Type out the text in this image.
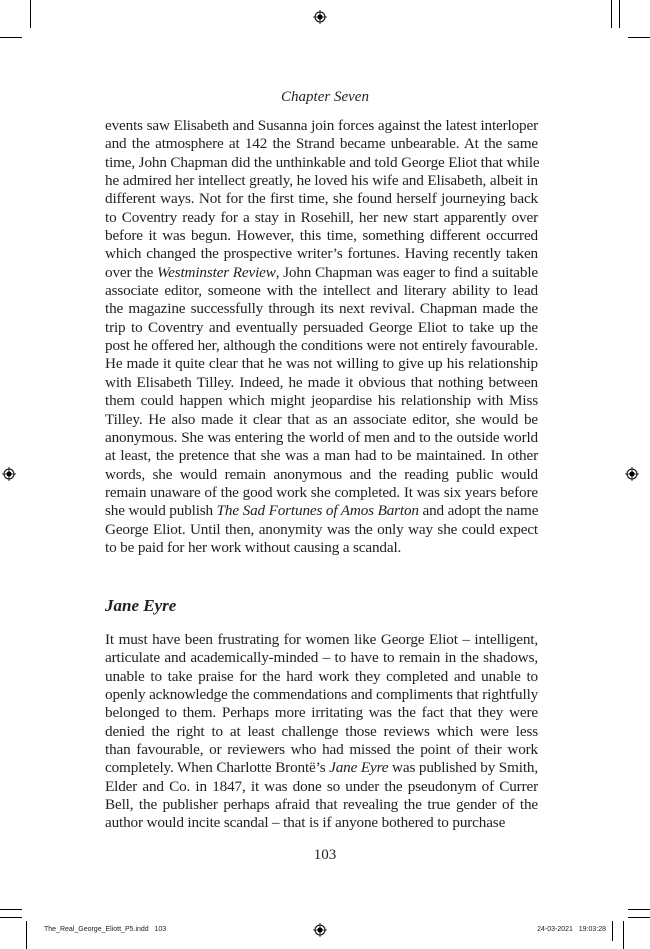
Chapter Seven
events saw Elisabeth and Susanna join forces against the latest interloper
and the atmosphere at 142 the Strand became unbearable. At the same
time, John Chapman did the unthinkable and told George Eliot that while
he admired her intellect greatly, he loved his wife and Elisabeth, albeit in
different ways. Not for the first time, she found herself journeying back
to Coventry ready for a stay in Rosehill, her new start apparently over
before it was begun. However, this time, something different occurred
which changed the prospective writer’s fortunes. Having recently taken
over the Westminster Review, John Chapman was eager to find a suitable
associate editor, someone with the intellect and literary ability to lead
the magazine successfully through its next revival. Chapman made the
trip to Coventry and eventually persuaded George Eliot to take up the
post he offered her, although the conditions were not entirely favourable.
He made it quite clear that he was not willing to give up his relationship
with Elisabeth Tilley. Indeed, he made it obvious that nothing between
them could happen which might jeopardise his relationship with Miss
Tilley. He also made it clear that as an associate editor, she would be
anonymous. She was entering the world of men and to the outside world
at least, the pretence that she was a man had to be maintained. In other
words, she would remain anonymous and the reading public would
remain unaware of the good work she completed. It was six years before
she would publish The Sad Fortunes of Amos Barton and adopt the name
George Eliot. Until then, anonymity was the only way she could expect
to be paid for her work without causing a scandal.
Jane Eyre
It must have been frustrating for women like George Eliot – intelligent,
articulate and academically-minded – to have to remain in the shadows,
unable to take praise for the hard work they completed and unable to
openly acknowledge the commendations and compliments that rightfully
belonged to them. Perhaps more irritating was the fact that they were
denied the right to at least challenge those reviews which were less
than favourable, or reviewers who had missed the point of their work
completely. When Charlotte Brontë’s Jane Eyre was published by Smith,
Elder and Co. in 1847, it was done so under the pseudonym of Currer
Bell, the publisher perhaps afraid that revealing the true gender of the
author would incite scandal – that is if anyone bothered to purchase
103
The_Real_George_Eliott_P5.indd   103	24-03-2021   19:03:28
